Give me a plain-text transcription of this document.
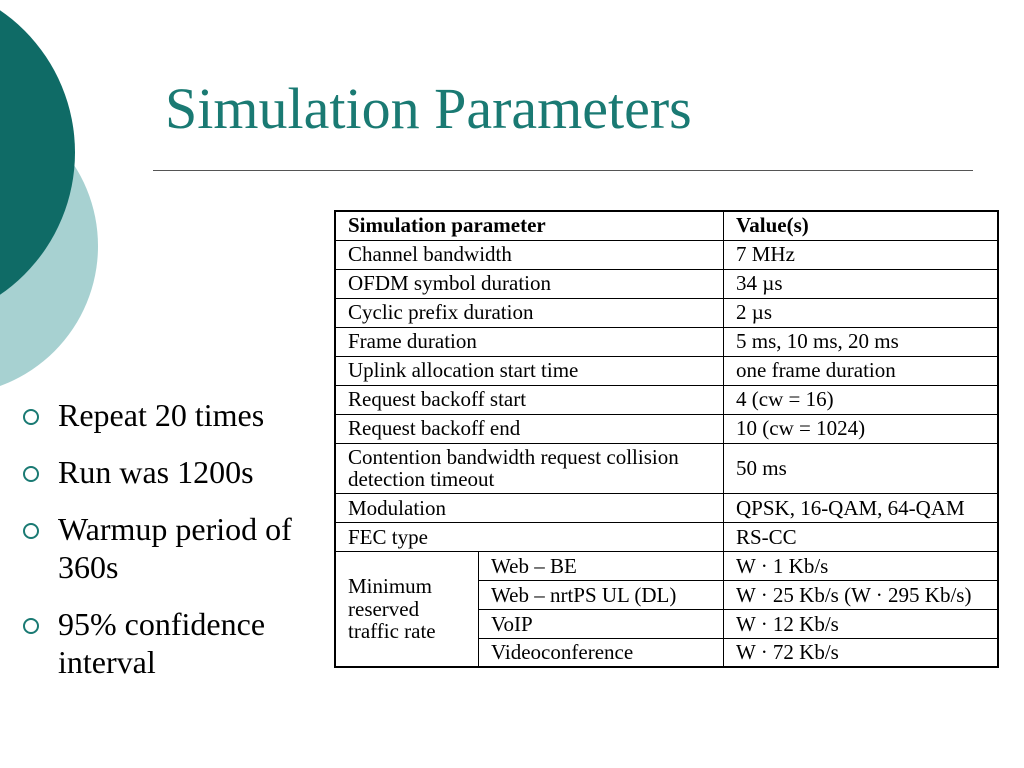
Simulation Parameters
Repeat 20 times
Run was 1200s
Warmup period of 360s
95% confidence interval
Simulation parameter		Value(s)
Channel bandwidth		7 MHz
OFDM symbol duration		34 µs
Cyclic prefix duration		2 µs
Frame duration		5 ms, 10 ms, 20 ms
Uplink allocation start time		one frame duration
Request backoff start		4 (cw = 16)
Request backoff end		10 (cw = 1024)
Contention bandwidth request collision detection timeout		50 ms
Modulation		QPSK, 16-QAM, 64-QAM
FEC type		RS-CC
Minimum reserved traffic rate	Web – BE	W · 1 Kb/s
	Web – nrtPS UL (DL)	W · 25 Kb/s (W · 295 Kb/s)
	VoIP	W · 12 Kb/s
	Videoconference	W · 72 Kb/s
